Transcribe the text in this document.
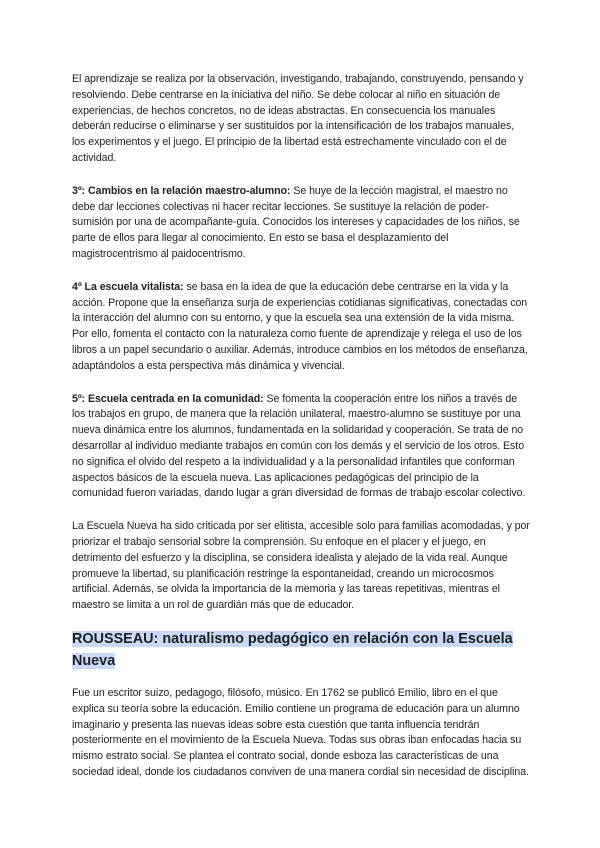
El aprendizaje se realiza por la observación, investigando, trabajando, construyendo, pensando y resolviendo. Debe centrarse en la iniciativa del niño. Se debe colocar al niño en situación de experiencias, de hechos concretos, no de ideas abstractas. En consecuencia los manuales deberán reducirse o eliminarse y ser sustituidos por la intensificación de los trabajos manuales, los experimentos y el juego. El principio de la libertad está estrechamente vinculado con el de actividad.

3º: Cambios en la relación maestro-alumno: Se huye de la lección magistral, el maestro no debe dar lecciones colectivas ni hacer recitar lecciones. Se sustituye la relación de poder-sumisión por una de acompañante-guía. Conocidos los intereses y capacidades de los niños, se parte de ellos para llegar al conocimiento. En esto se basa el desplazamiento del magistrocentrismo al paidocentrismo.

4º La escuela vitalista: se basa en la idea de que la educación debe centrarse en la vida y la acción. Propone que la enseñanza surja de experiencias cotidianas significativas, conectadas con la interacción del alumno con su entorno, y que la escuela sea una extensión de la vida misma. Por ello, fomenta el contacto con la naturaleza como fuente de aprendizaje y relega el uso de los libros a un papel secundario o auxiliar. Además, introduce cambios en los métodos de enseñanza, adaptándolos a esta perspectiva más dinámica y vivencial.

5º: Escuela centrada en la comunidad: Se fomenta la cooperación entre los niños a través de los trabajos en grupo, de manera que la relación unilateral, maestro-alumno se sustituye por una nueva dinámica entre los alumnos, fundamentada en la solidaridad y cooperación. Se trata de no desarrollar al individuo mediante trabajos en común con los demás y el servicio de los otros. Esto no significa el olvido del respeto a la individualidad y a la personalidad infantiles que conforman aspectos básicos de la escuela nueva. Las aplicaciones pedagógicas del principio de la comunidad fueron variadas, dando lugar a gran diversidad de formas de trabajo escolar colectivo.

La Escuela Nueva ha sido criticada por ser elitista, accesible solo para familias acomodadas, y por priorizar el trabajo sensorial sobre la comprensión. Su enfoque en el placer y el juego, en detrimento del esfuerzo y la disciplina, se considera idealista y alejado de la vida real. Aunque promueve la libertad, su planificación restringe la espontaneidad, creando un microcosmos artificial. Además, se olvida la importancia de la memoria y las tareas repetitivas, mientras el maestro se limita a un rol de guardián más que de educador.

ROUSSEAU: naturalismo pedagógico en relación con la Escuela Nueva

Fue un escritor suizo, pedagogo, filósofo, músico. En 1762 se publicó Emilio, libro en el que explica su teoría sobre la educación. Emilio contiene un programa de educación para un alumno imaginario y presenta las nuevas ideas sobre esta cuestión que tanta influencia tendrán posteriormente en el movimiento de la Escuela Nueva. Todas sus obras iban enfocadas hacia su mismo estrato social. Se plantea el contrato social, donde esboza las características de una sociedad ideal, donde los ciudadanos conviven de una manera cordial sin necesidad de disciplina.
